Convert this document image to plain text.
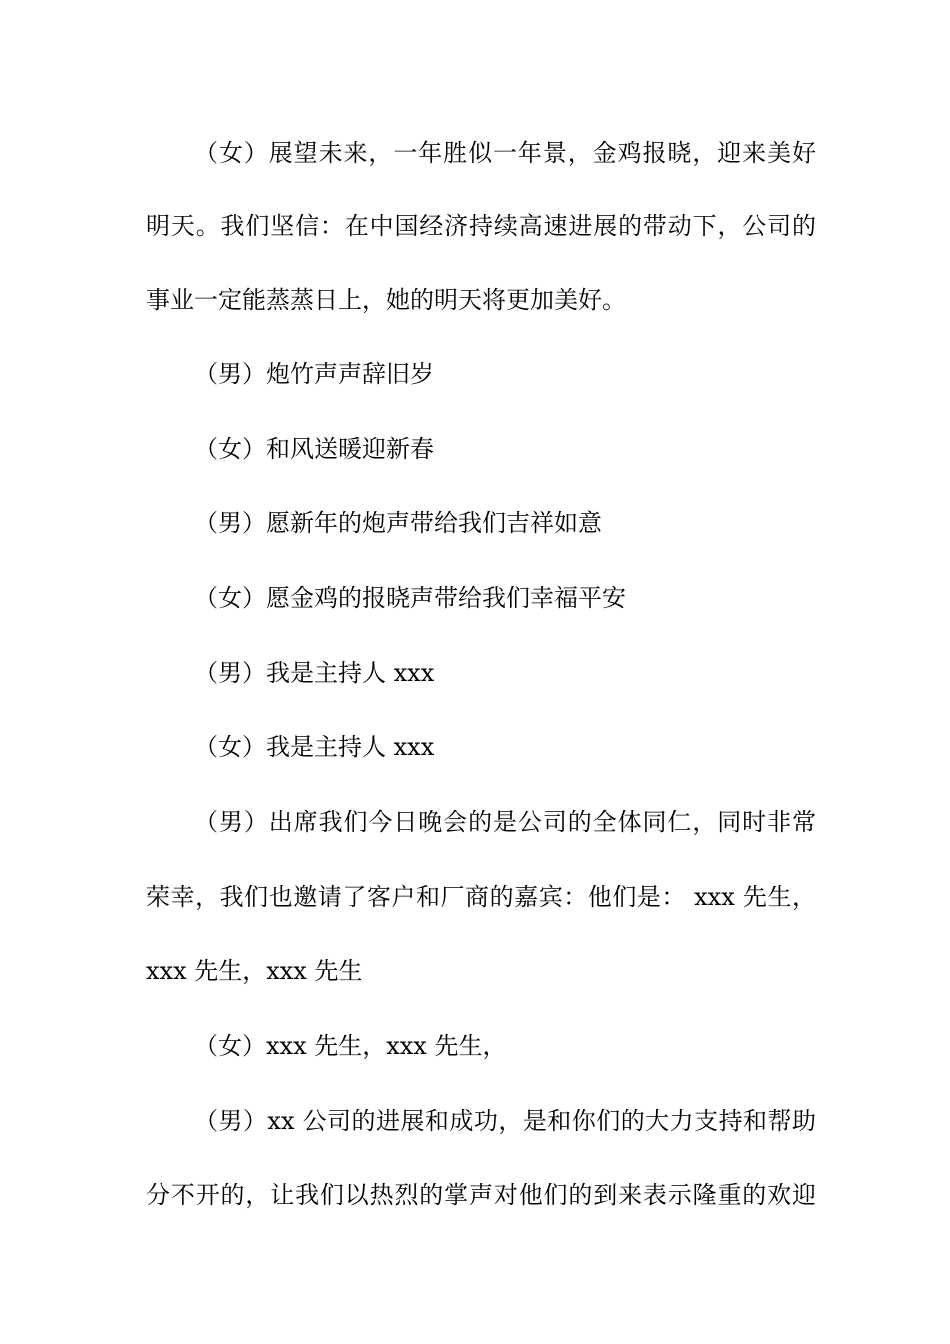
（女）展望未来，一年胜似一年景，金鸡报晓，迎来美好
明天。我们坚信：在中国经济持续高速进展的带动下，公司的
事业一定能蒸蒸日上，她的明天将更加美好。
（男）炮竹声声辞旧岁
（女）和风送暖迎新春
（男）愿新年的炮声带给我们吉祥如意
（女）愿金鸡的报晓声带给我们幸福平安
（男）我是主持人 xxx
（女）我是主持人 xxx
（男）出席我们今日晚会的是公司的全体同仁，同时非常
荣幸，我们也邀请了客户和厂商的嘉宾：他们是： xxx 先生，
xxx 先生，xxx 先生
（女）xxx 先生，xxx 先生，
（男）xx 公司的进展和成功，是和你们的大力支持和帮助
分不开的，让我们以热烈的掌声对他们的到来表示隆重的欢迎
